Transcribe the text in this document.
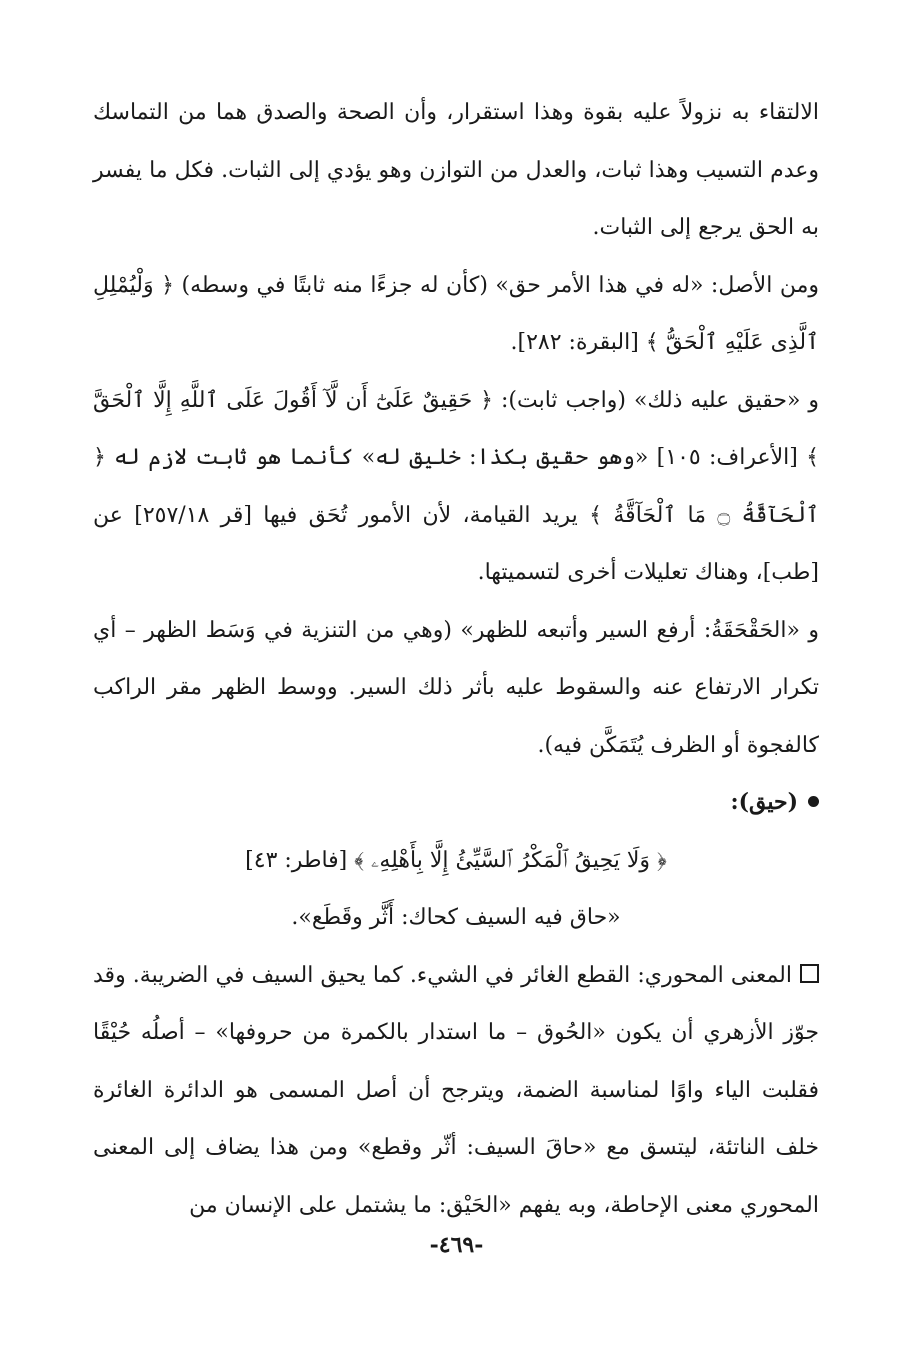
الالتقاء به نزولاً عليه بقوة وهذا استقرار، وأن الصحة والصدق هما من التماسك وعدم التسيب وهذا ثبات، والعدل من التوازن وهو يؤدي إلى الثبات. فكل ما يفسر به الحق يرجع إلى الثبات.

ومن الأصل: «له في هذا الأمر حق» (كأن له جزءًا منه ثابتًا في وسطه) ﴿ وَلْيُمْلِلِ ٱلَّذِى عَلَيْهِ ٱلْحَقُّ ﴾ [البقرة: ٢٨٢].

و «حقيق عليه ذلك» (واجب ثابت): ﴿ حَقِيقٌ عَلَىٰٓ أَن لَّآ أَقُولَ عَلَى ٱللَّهِ إِلَّا ٱلْحَقَّ ﴾ [الأعراف: ١٠٥] «وهو حقيق بكذا: خليق له» كأنما هو ثابت لازم له ﴿ ٱلْحَآقَّةُ ۝ مَا ٱلْحَآقَّةُ ﴾ يريد القيامة، لأن الأمور تُحَق فيها [قر ٢٥٧/١٨] عن [طب]، وهناك تعليلات أخرى لتسميتها.

و «الحَقْحَقَةُ: أرفع السير وأتبعه للظهر» (وهي من التنزية في وَسَط الظهر – أي تكرار الارتفاع عنه والسقوط عليه بأثر ذلك السير. ووسط الظهر مقر الراكب كالفجوة أو الظرف يُتَمَكَّن فيه).

(حيق):

﴿ وَلَا يَحِيقُ ٱلْمَكْرُ ٱلسَّيِّئُ إِلَّا بِأَهْلِهِۦ ﴾ [فاطر: ٤٣]

«حاق فيه السيف كحاك: أَثَّر وقَطَع».

المعنى المحوري: القطع الغائر في الشيء. كما يحيق السيف في الضريبة. وقد جوّز الأزهري أن يكون «الحُوق – ما استدار بالكمرة من حروفها» – أصلُه حُيْقًا فقلبت الياء واوًا لمناسبة الضمة، ويترجح أن أصل المسمى هو الدائرة الغائرة خلف الناتئة، ليتسق مع «حاقَ السيف: أثّر وقطع» ومن هذا يضاف إلى المعنى المحوري معنى الإحاطة، وبه يفهم «الحَيْق: ما يشتمل على الإنسان من

-٤٦٩-
